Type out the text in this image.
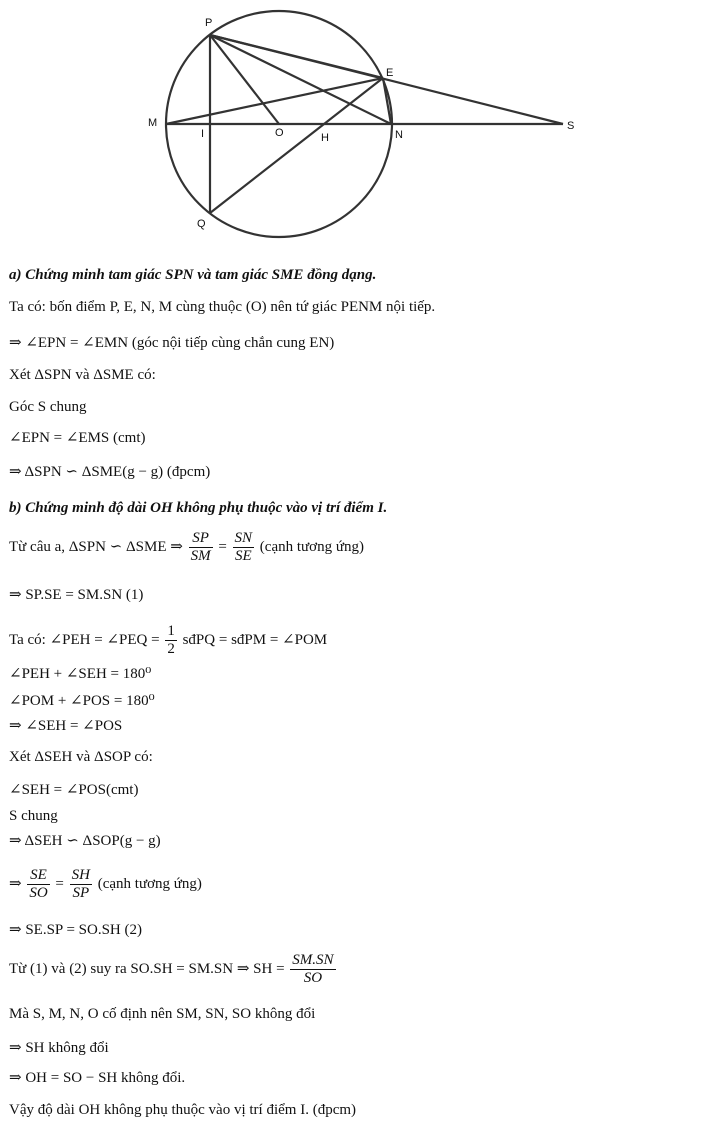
P
E
M
I	O	H	N
S
Q
a) Chứng minh tam giác SPN và tam giác SME đồng dạng.
Ta có: bốn điểm P, E, N, M cùng thuộc (O) nên tứ giác PENM nội tiếp.
⇒ ∠EPN = ∠EMN (góc nội tiếp cùng chắn cung EN)
Xét ΔSPN và ΔSME có:
Góc S chung
∠EPN = ∠EMS (cmt)
⇒ ΔSPN ∽ ΔSME(g − g) (đpcm)
b) Chứng minh độ dài OH không phụ thuộc vào vị trí điểm I.
Từ câu a, ΔSPN ∽ ΔSME ⇒ $\frac{SP}{SM} = \frac{SN}{SE}$ (cạnh tương ứng)
⇒ SP.SE = SM.SN (1)
Ta có: ∠PEH = ∠PEQ = $\frac{1}{2}$ sđPQ = sđPM = ∠POM
∠PEH + ∠SEH = 180⁰
∠POM + ∠POS = 180⁰
⇒ ∠SEH = ∠POS
Xét ΔSEH và ΔSOP có:
∠SEH = ∠POS(cmt)
S chung
⇒ ΔSEH ∽ ΔSOP(g − g)
⇒ $\frac{SE}{SO} = \frac{SH}{SP}$ (cạnh tương ứng)
⇒ SE.SP = SO.SH (2)
Từ (1) và (2) suy ra SO.SH = SM.SN ⇒ SH = $\frac{SM.SN}{SO}$
Mà S, M, N, O cố định nên SM, SN, SO không đổi
⇒ SH không đổi
⇒ OH = SO − SH không đổi.
Vậy độ dài OH không phụ thuộc vào vị trí điểm I. (đpcm)
